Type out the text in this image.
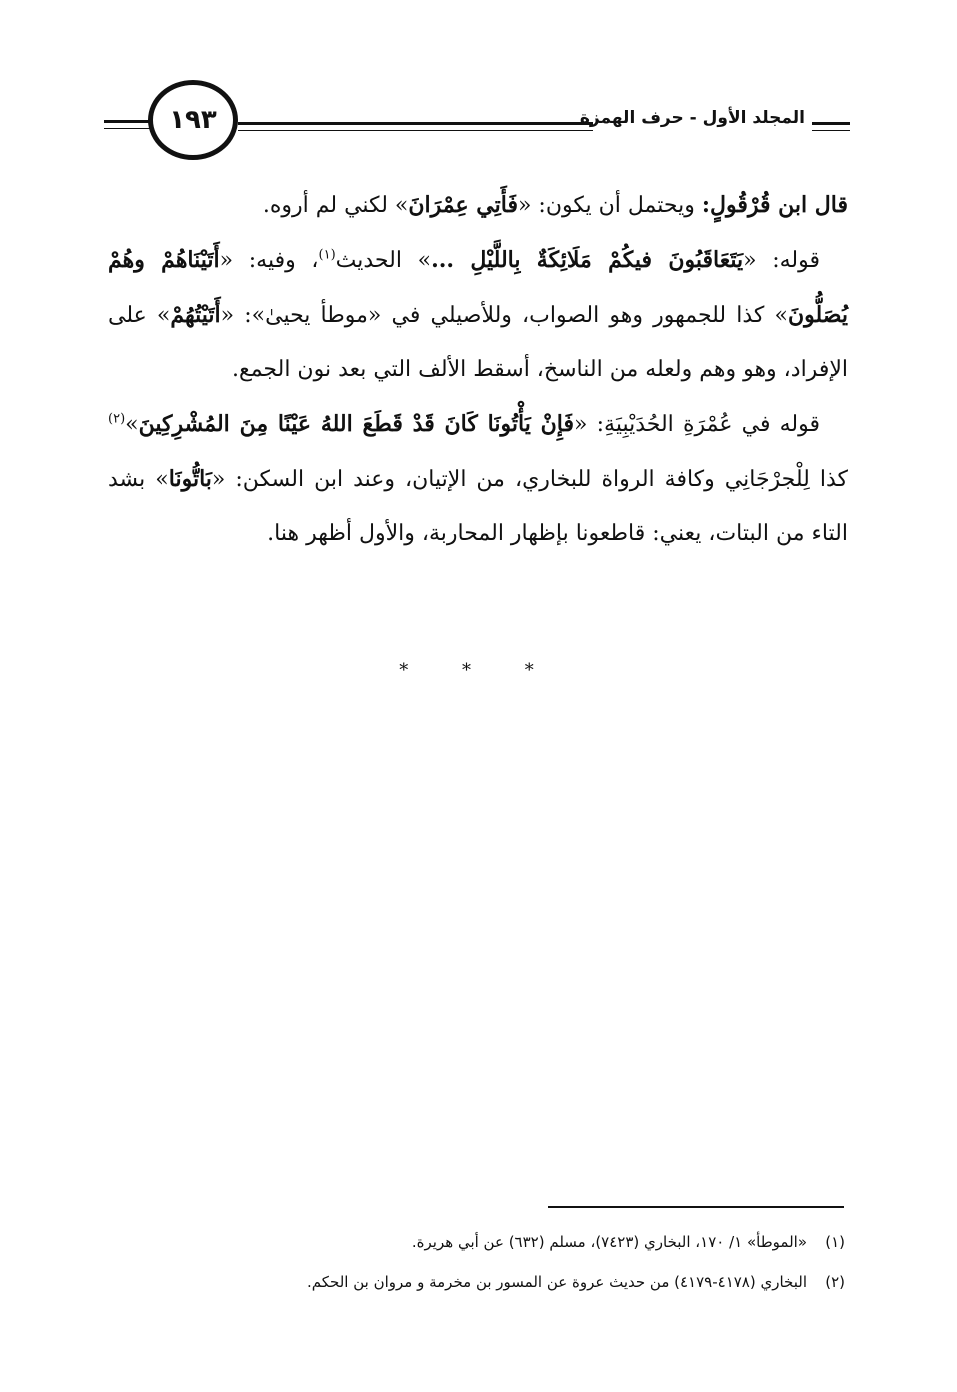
١٩٣	المجلد الأول - حرف الهمزة

قال ابن قُرْقُولٍ: ويحتمل أن يكون: «فَأَتِي عِمْرَانَ» لكني لم أروه.

قوله: «يَتَعَاقَبُونَ فيكُمْ مَلَائِكَةٌ بِاللَّيْلِ ...» الحديث$^{(١)}$، وفيه: «أَتَيْنَاهُمْ وهُمْ يُصَلُّونَ» كذا للجمهور وهو الصواب، وللأصيلي في «موطأ يحيىٰ»: «أَتَيْتُهُمْ» على الإفراد، وهو وهم ولعله من الناسخ، أسقط الألف التي بعد نون الجمع.

قوله في عُمْرَةِ الحُدَيْبِيَةِ: «فَإِنْ يَأْتُونَا كَانَ قَدْ قَطَعَ اللهُ عَيْنًا مِنَ المُشْرِكِينَ»$^{(٢)}$ كذا لِلْجرْجَانِي وكافة الرواة للبخاري، من الإتيان، وعند ابن السكن: «بَاتُّونَا» بشد التاء من البتات، يعني: قاطعونا بإظهار المحاربة، والأول أظهر هنا.

* * *

(١)«الموطأ» ١/ ١٧٠، البخاري (٧٤٢٣)، مسلم (٦٣٢) عن أبي هريرة.

(٢)البخاري (٤١٧٨-٤١٧٩) من حديث عروة عن المسور بن مخرمة و مروان بن الحكم.
